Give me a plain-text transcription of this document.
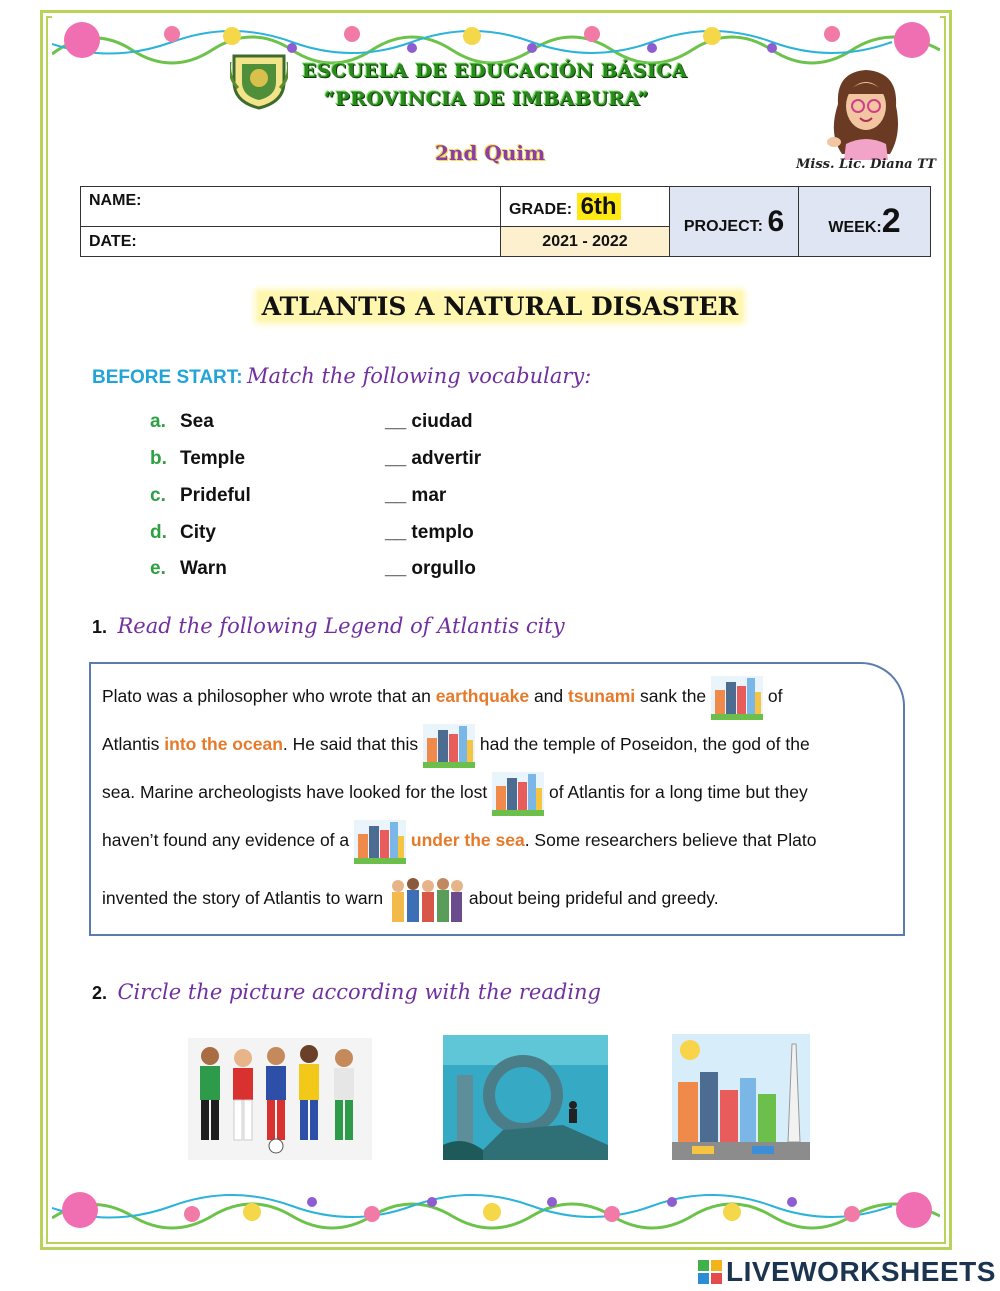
ESCUELA DE EDUCACIÓN BÁSICA
“PROVINCIA DE IMBABURA”
2nd Quim	Miss. Lic. Diana TT
NAME:	GRADE: 6th	PROJECT: 6	WEEK:2
DATE:	2021 - 2022		
ATLANTIS A NATURAL DISASTER
BEFORE START: Match the following vocabulary:
a. Sea	__ ciudad
b. Temple	__ advertir
c. Prideful	__ mar
d. City	__ templo
e. Warn	__ orgullo
1. Read the following Legend of Atlantis city
Plato was a philosopher who wrote that an earthquake and tsunami sank the	of
Atlantis into the ocean. He said that this	had the temple of Poseidon, the god of the
sea. Marine archeologists have looked for the lost	of Atlantis for a long time but they
haven’t found any evidence of a	under the sea. Some researchers believe that Plato
invented the story of Atlantis to warn	about being prideful and greedy.
2. Circle the picture according with the reading
LIVEWORKSHEETS
